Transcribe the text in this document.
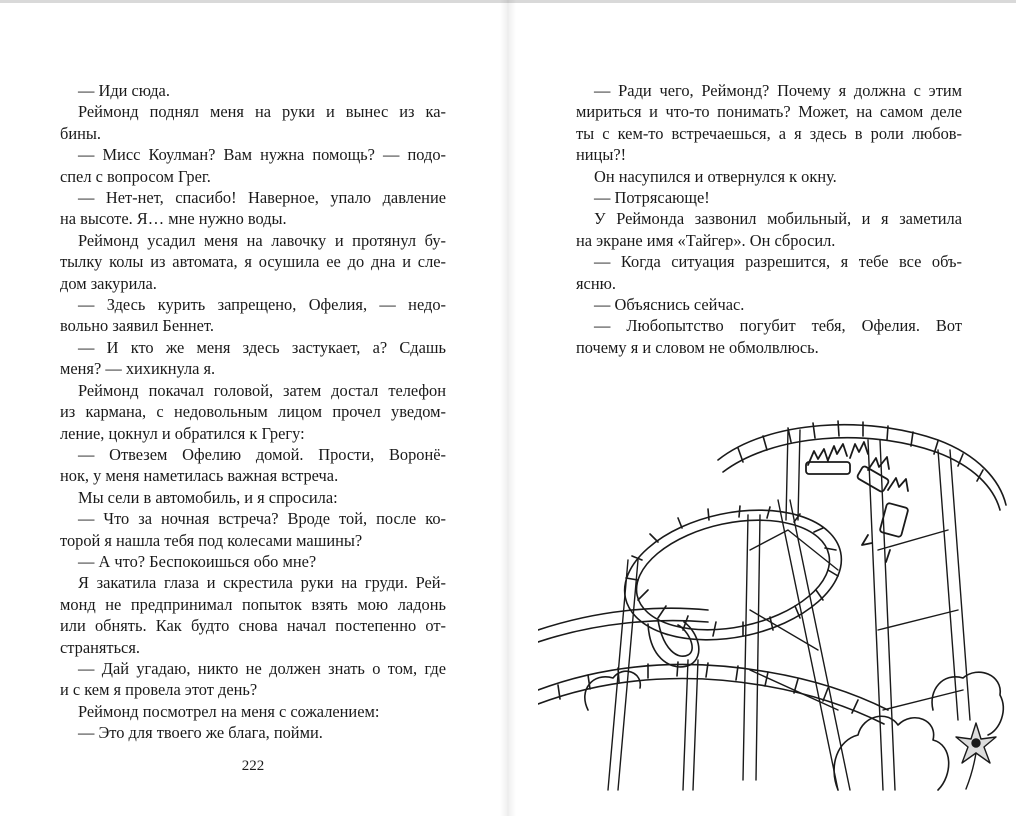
— Иди сюда.
Реймонд поднял меня на руки и вынес из ка-
бины.
— Мисс Коулман? Вам нужна помощь? — подо-
спел с вопросом Грег.
— Нет-нет, спасибо! Наверное, упало давление
на высоте. Я… мне нужно воды.
Реймонд усадил меня на лавочку и протянул бу-
тылку колы из автомата, я осушила ее до дна и сле-
дом закурила.
— Здесь курить запрещено, Офелия, — недо-
вольно заявил Беннет.
— И кто же меня здесь застукает, а? Сдашь
меня? — хихикнула я.
Реймонд покачал головой, затем достал телефон
из кармана, с недовольным лицом прочел уведом-
ление, цокнул и обратился к Грегу:
— Отвезем Офелию домой. Прости, Воронё-
нок, у меня наметилась важная встреча.
Мы сели в автомобиль, и я спросила:
— Что за ночная встреча? Вроде той, после ко-
торой я нашла тебя под колесами машины?
— А что? Беспокоишься обо мне?
Я закатила глаза и скрестила руки на груди. Рей-
монд не предпринимал попыток взять мою ладонь
или обнять. Как будто снова начал постепенно от-
страняться.
— Дай угадаю, никто не должен знать о том, где
и с кем я провела этот день?
Реймонд посмотрел на меня с сожалением:
— Это для твоего же блага, пойми.
222
— Ради чего, Реймонд? Почему я должна с этим
мириться и что-то понимать? Может, на самом деле
ты с кем-то встречаешься, а я здесь в роли любов-
ницы?!
Он насупился и отвернулся к окну.
— Потрясающе!
У Реймонда зазвонил мобильный, и я заметила
на экране имя «Тайгер». Он сбросил.
— Когда ситуация разрешится, я тебе все объ-
ясню.
— Объяснись сейчас.
— Любопытство погубит тебя, Офелия. Вот
почему я и словом не обмолвлюсь.
